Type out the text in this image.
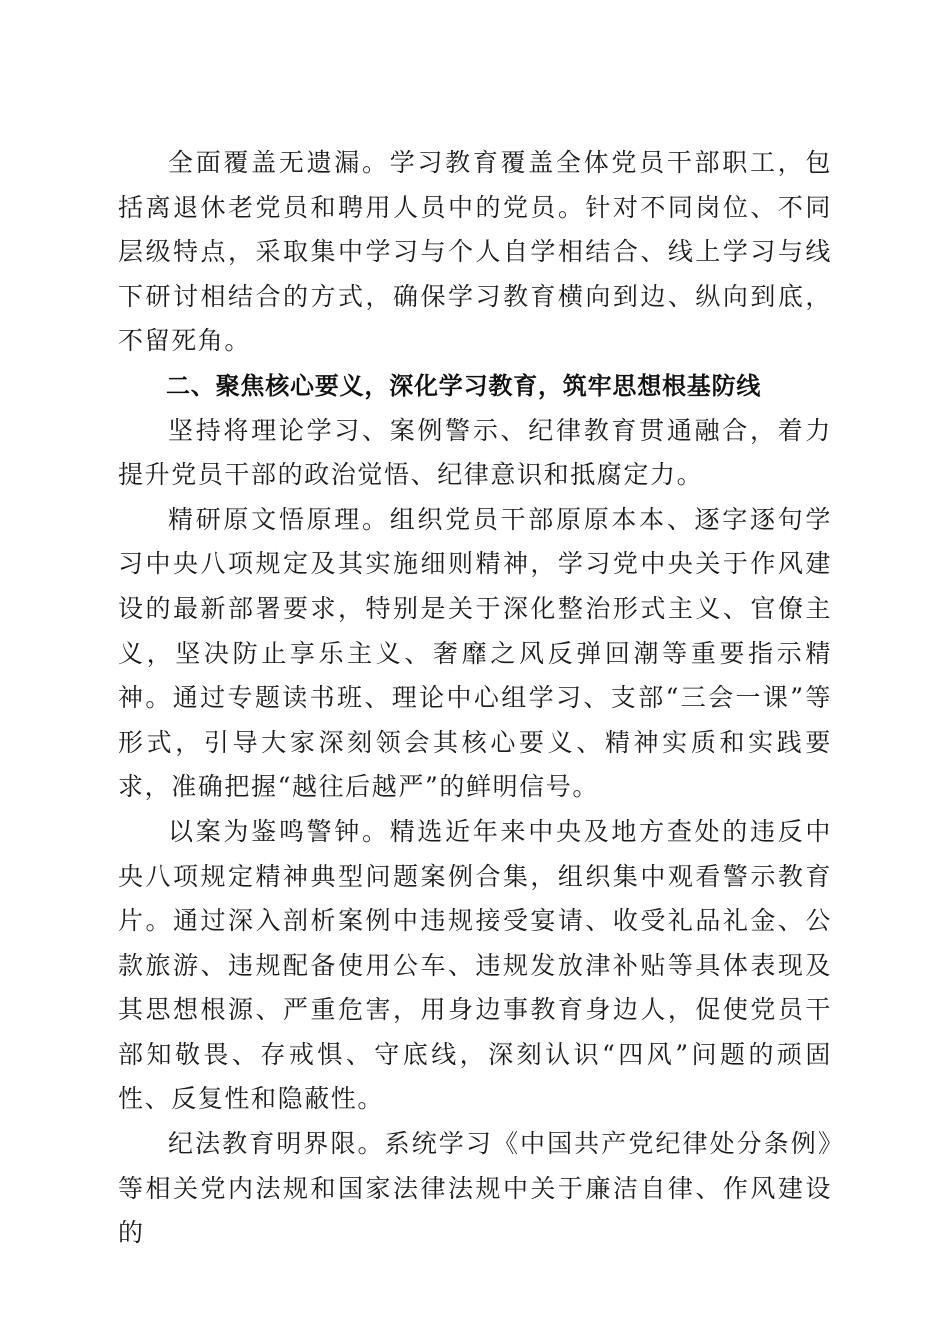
全面覆盖无遗漏。学习教育覆盖全体党员干部职工，包括离退休老党员和聘用人员中的党员。针对不同岗位、不同层级特点，采取集中学习与个人自学相结合、线上学习与线下研讨相结合的方式，确保学习教育横向到边、纵向到底，不留死角。

二、聚焦核心要义，深化学习教育，筑牢思想根基防线

坚持将理论学习、案例警示、纪律教育贯通融合，着力提升党员干部的政治觉悟、纪律意识和抵腐定力。

精研原文悟原理。组织党员干部原原本本、逐字逐句学习中央八项规定及其实施细则精神，学习党中央关于作风建设的最新部署要求，特别是关于深化整治形式主义、官僚主义，坚决防止享乐主义、奢靡之风反弹回潮等重要指示精神。通过专题读书班、理论中心组学习、支部“三会一课”等形式，引导大家深刻领会其核心要义、精神实质和实践要求，准确把握“越往后越严”的鲜明信号。

以案为鉴鸣警钟。精选近年来中央及地方查处的违反中央八项规定精神典型问题案例合集，组织集中观看警示教育片。通过深入剖析案例中违规接受宴请、收受礼品礼金、公款旅游、违规配备使用公车、违规发放津补贴等具体表现及其思想根源、严重危害，用身边事教育身边人，促使党员干部知敬畏、存戒惧、守底线，深刻认识“四风”问题的顽固性、反复性和隐蔽性。

纪法教育明界限。系统学习《中国共产党纪律处分条例》等相关党内法规和国家法律法规中关于廉洁自律、作风建设的
